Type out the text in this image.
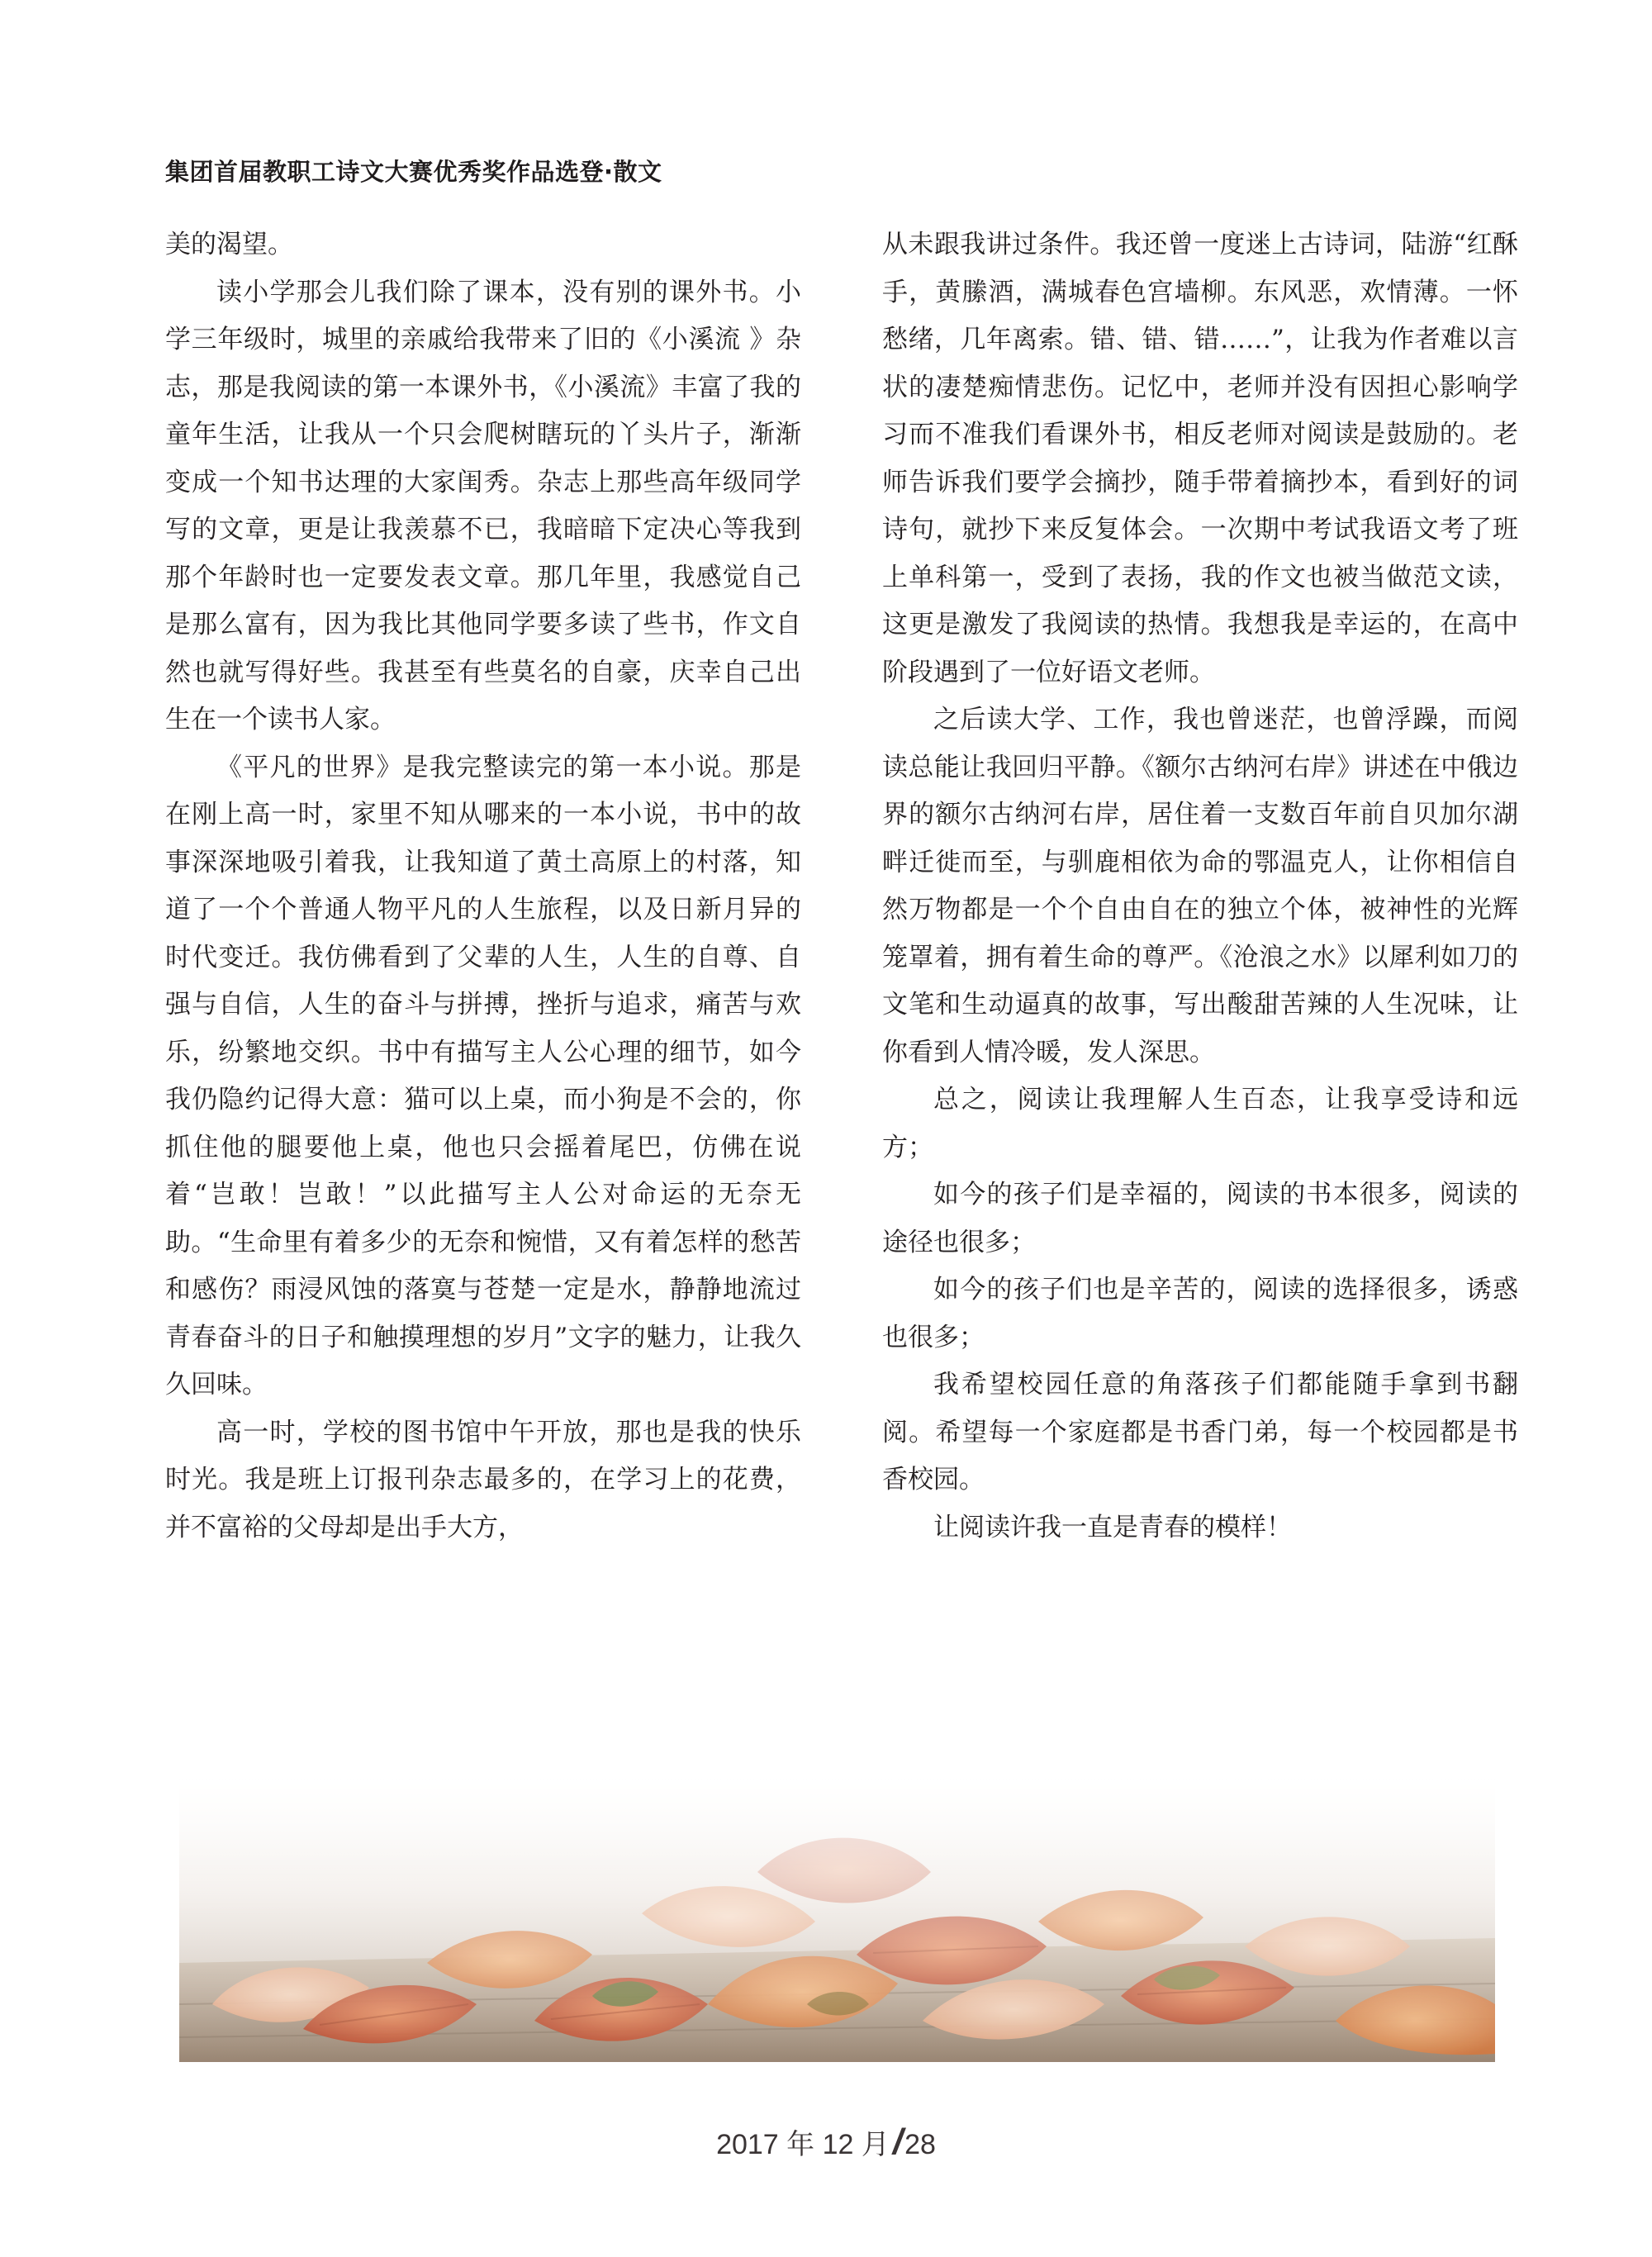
集团首届教职工诗文大赛优秀奖作品选登·散文

美的渴望。

读小学那会儿我们除了课本，没有别的课外书。小学三年级时，城里的亲戚给我带来了旧的《小溪流 》杂志，那是我阅读的第一本课外书，《小溪流》丰富了我的童年生活，让我从一个只会爬树瞎玩的丫头片子，渐渐变成一个知书达理的大家闺秀。杂志上那些高年级同学写的文章，更是让我羡慕不已，我暗暗下定决心等我到那个年龄时也一定要发表文章。那几年里，我感觉自己是那么富有，因为我比其他同学要多读了些书，作文自然也就写得好些。我甚至有些莫名的自豪，庆幸自己出生在一个读书人家。

《平凡的世界》是我完整读完的第一本小说。那是在刚上高一时，家里不知从哪来的一本小说，书中的故事深深地吸引着我，让我知道了黄土高原上的村落，知道了一个个普通人物平凡的人生旅程，以及日新月异的时代变迁。我仿佛看到了父辈的人生，人生的自尊、自强与自信，人生的奋斗与拼搏，挫折与追求，痛苦与欢乐，纷繁地交织。书中有描写主人公心理的细节，如今我仍隐约记得大意：猫可以上桌，而小狗是不会的，你抓住他的腿要他上桌，他也只会摇着尾巴，仿佛在说着“岂敢！岂敢！”以此描写主人公对命运的无奈无助。“生命里有着多少的无奈和惋惜，又有着怎样的愁苦和感伤？雨浸风蚀的落寞与苍楚一定是水，静静地流过青春奋斗的日子和触摸理想的岁月”文字的魅力，让我久久回味。

高一时，学校的图书馆中午开放，那也是我的快乐时光。我是班上订报刊杂志最多的，在学习上的花费，并不富裕的父母却是出手大方，

从未跟我讲过条件。我还曾一度迷上古诗词，陆游“红酥手，黄縢酒，满城春色宫墙柳。东风恶，欢情薄。一怀愁绪，几年离索。错、错、错……”，让我为作者难以言状的凄楚痴情悲伤。记忆中，老师并没有因担心影响学习而不准我们看课外书，相反老师对阅读是鼓励的。老师告诉我们要学会摘抄，随手带着摘抄本，看到好的词诗句，就抄下来反复体会。一次期中考试我语文考了班上单科第一，受到了表扬，我的作文也被当做范文读，这更是激发了我阅读的热情。我想我是幸运的，在高中阶段遇到了一位好语文老师。

之后读大学、工作，我也曾迷茫，也曾浮躁，而阅读总能让我回归平静。《额尔古纳河右岸》讲述在中俄边界的额尔古纳河右岸，居住着一支数百年前自贝加尔湖畔迁徙而至，与驯鹿相依为命的鄂温克人，让你相信自然万物都是一个个自由自在的独立个体，被神性的光辉笼罩着，拥有着生命的尊严。《沧浪之水》以犀利如刀的文笔和生动逼真的故事，写出酸甜苦辣的人生况味，让你看到人情冷暖，发人深思。

总之，阅读让我理解人生百态，让我享受诗和远方；

如今的孩子们是幸福的，阅读的书本很多，阅读的途径也很多；

如今的孩子们也是辛苦的，阅读的选择很多，诱惑也很多；

我希望校园任意的角落孩子们都能随手拿到书翻阅。希望每一个家庭都是书香门弟，每一个校园都是书香校园。

让阅读许我一直是青春的模样！

2017 年 12 月/28
